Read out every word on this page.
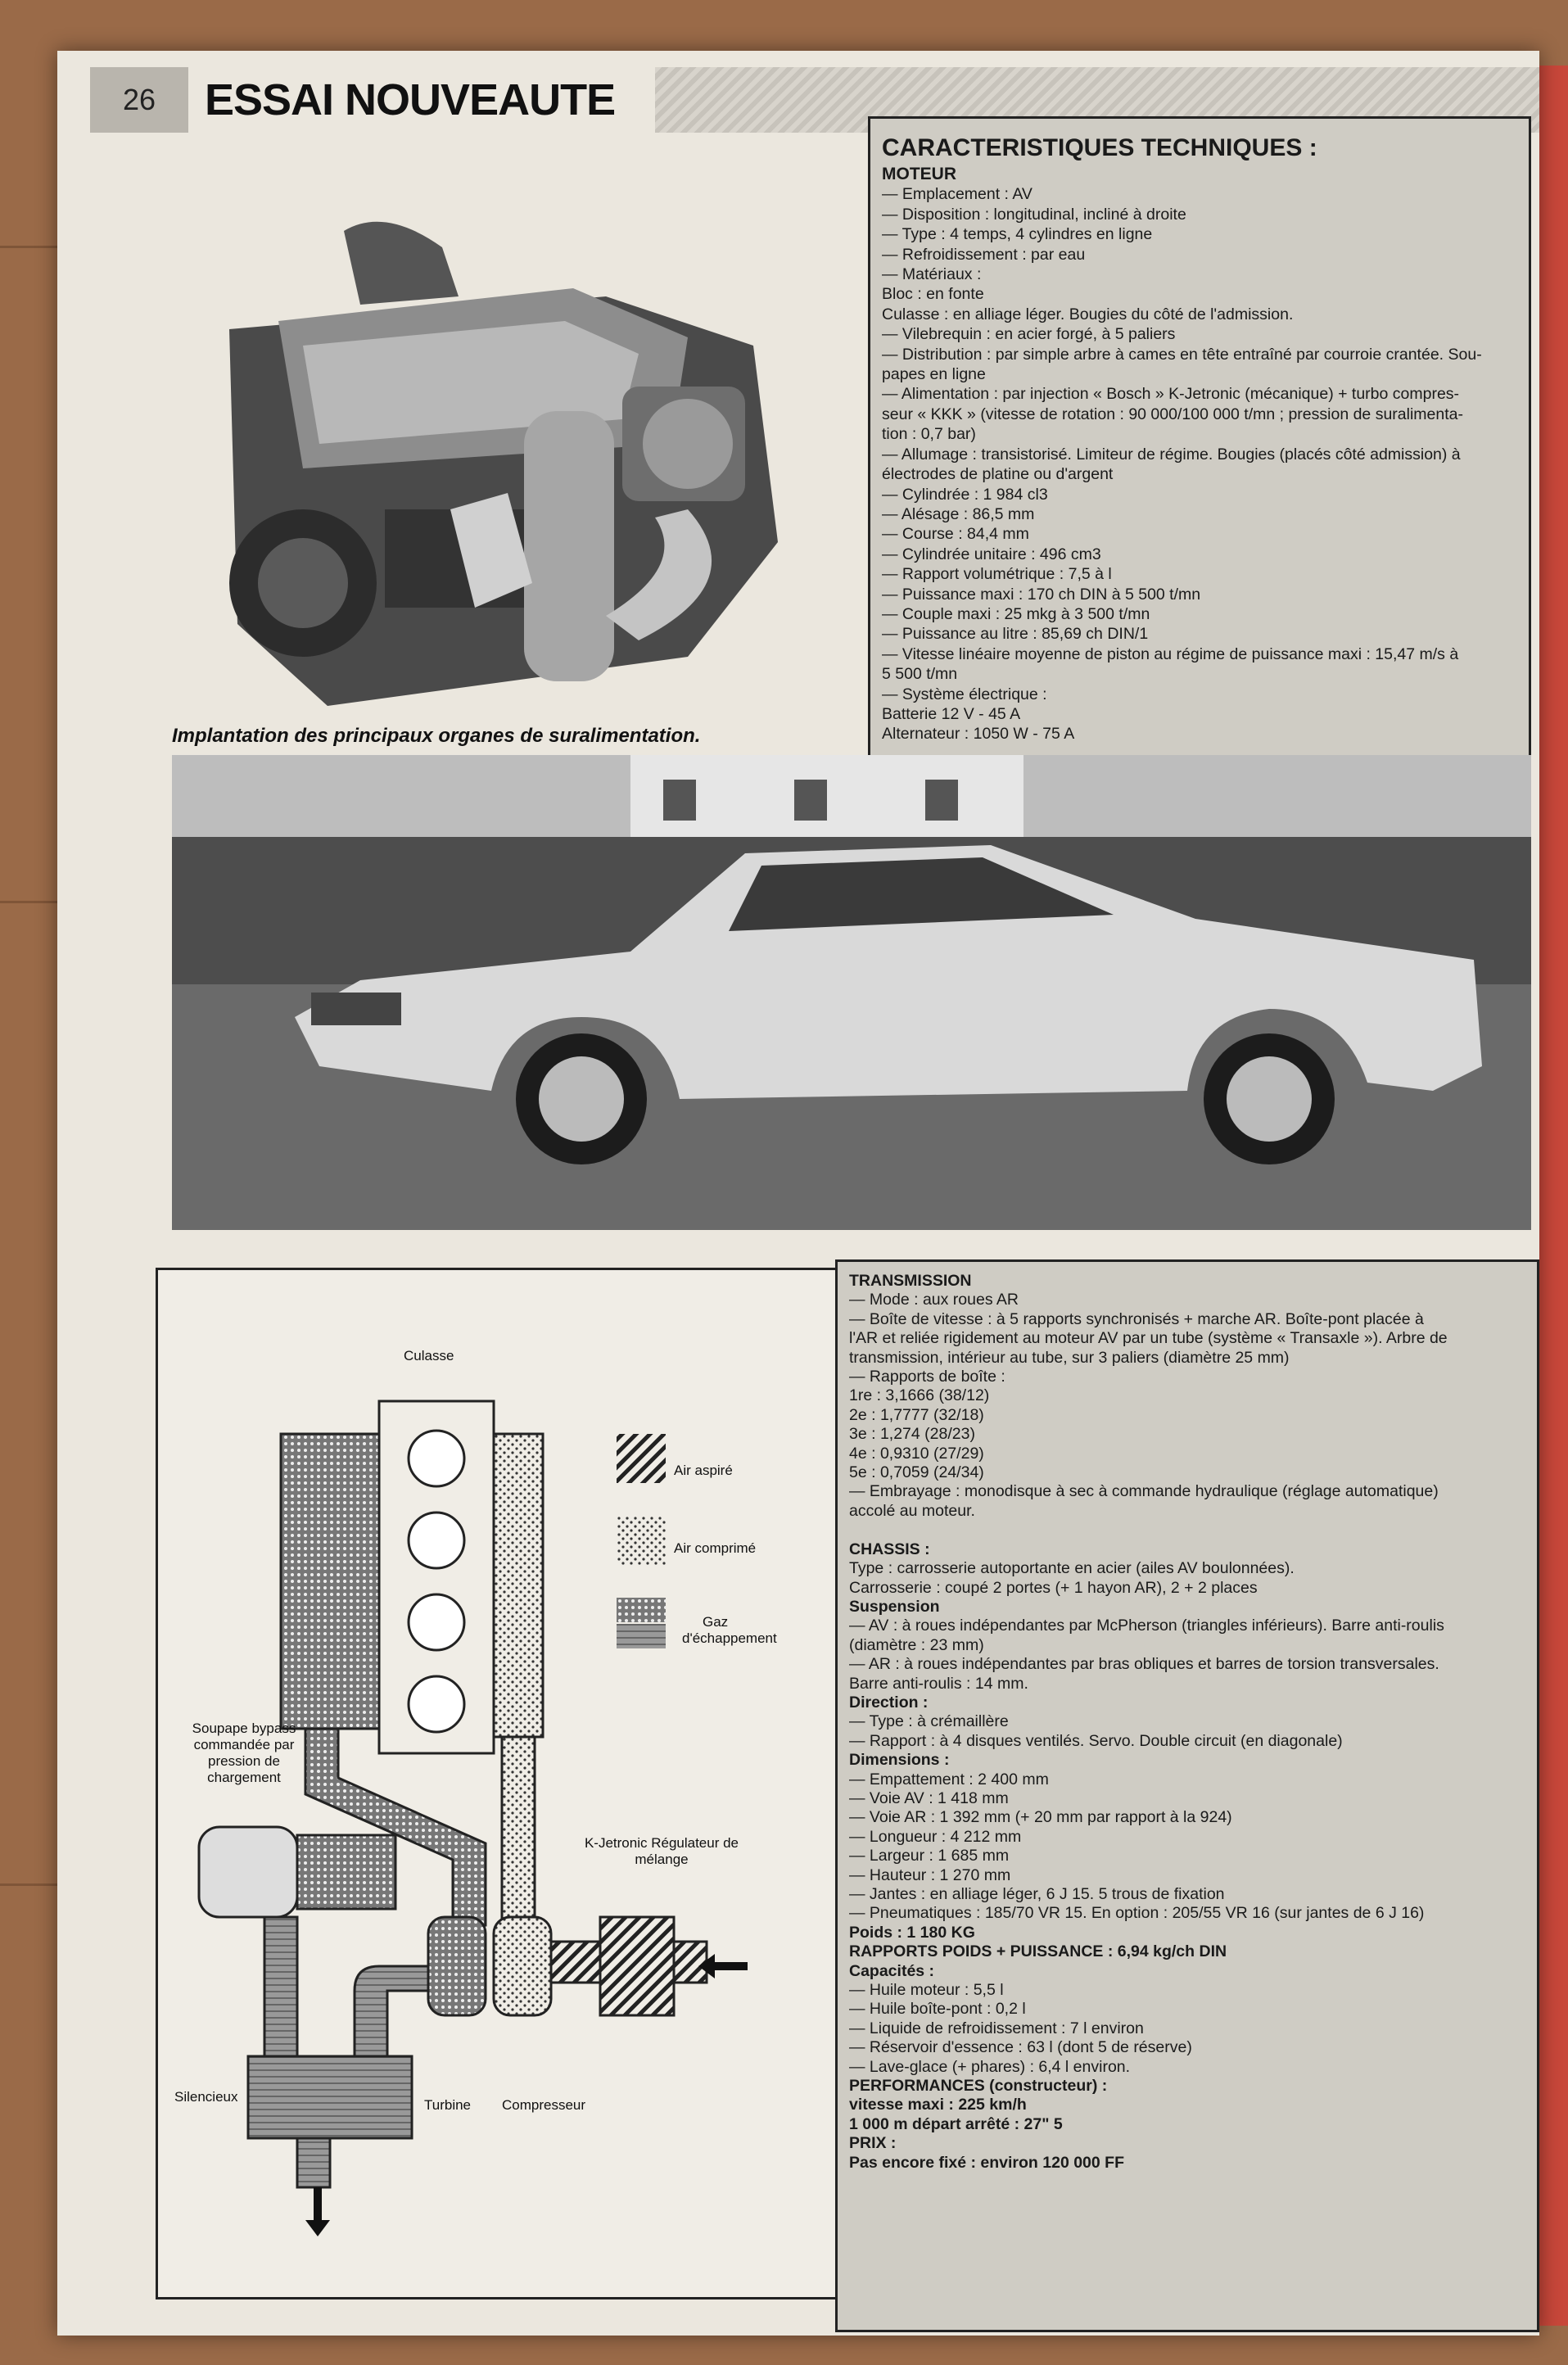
26	ESSAI NOUVEAUTE
CARACTERISTIQUES TECHNIQUES :
MOTEUR
— Emplacement : AV
— Disposition : longitudinal, incliné à droite
— Type : 4 temps, 4 cylindres en ligne
— Refroidissement : par eau
— Matériaux :
Bloc : en fonte
Culasse : en alliage léger. Bougies du côté de l'admission.
— Vilebrequin : en acier forgé, à 5 paliers
— Distribution : par simple arbre à cames en tête entraîné par courroie crantée. Sou-
papes en ligne
— Alimentation : par injection « Bosch » K-Jetronic (mécanique) + turbo compres-
seur « KKK » (vitesse de rotation : 90 000/100 000 t/mn ; pression de suralimenta-
tion : 0,7 bar)
— Allumage : transistorisé. Limiteur de régime. Bougies (placés côté admission) à
électrodes de platine ou d'argent
— Cylindrée : 1 984 cl3
— Alésage : 86,5 mm
— Course : 84,4 mm
— Cylindrée unitaire : 496 cm3
— Rapport volumétrique : 7,5 à l
— Puissance maxi : 170 ch DIN à 5 500 t/mn
— Couple maxi : 25 mkg à 3 500 t/mn
— Puissance au litre : 85,69 ch DIN/1
— Vitesse linéaire moyenne de piston au régime de puissance maxi : 15,47 m/s à
5 500 t/mn
— Système électrique :
Batterie 12 V - 45 A
Alternateur : 1050 W - 75 A
Implantation des principaux organes de suralimentation.
Culasse
Air aspiré
Air comprimé
Gaz
d'échappement
Soupape bypass
commandée par
pression de
chargement
K-Jetronic Régulateur de
mélange
Silencieux
Turbine Compresseur
TRANSMISSION
— Mode : aux roues AR
— Boîte de vitesse : à 5 rapports synchronisés + marche AR. Boîte-pont placée à
l'AR et reliée rigidement au moteur AV par un tube (système « Transaxle »). Arbre de
transmission, intérieur au tube, sur 3 paliers (diamètre 25 mm)
— Rapports de boîte :
1re : 3,1666 (38/12)
2e : 1,7777 (32/18)
3e : 1,274 (28/23)
4e : 0,9310 (27/29)
5e : 0,7059 (24/34)
— Embrayage : monodisque à sec à commande hydraulique (réglage automatique)
accolé au moteur.

CHASSIS :
Type : carrosserie autoportante en acier (ailes AV boulonnées).
Carrosserie : coupé 2 portes (+ 1 hayon AR), 2 + 2 places
Suspension
— AV : à roues indépendantes par McPherson (triangles inférieurs). Barre anti-roulis
(diamètre : 23 mm)
— AR : à roues indépendantes par bras obliques et barres de torsion transversales.
Barre anti-roulis : 14 mm.
Direction :
— Type : à crémaillère
— Rapport : à 4 disques ventilés. Servo. Double circuit (en diagonale)
Dimensions :
— Empattement : 2 400 mm
— Voie AV : 1 418 mm
— Voie AR : 1 392 mm (+ 20 mm par rapport à la 924)
— Longueur : 4 212 mm
— Largeur : 1 685 mm
— Hauteur : 1 270 mm
— Jantes : en alliage léger, 6 J 15. 5 trous de fixation
— Pneumatiques : 185/70 VR 15. En option : 205/55 VR 16 (sur jantes de 6 J 16)
Poids : 1 180 KG
RAPPORTS POIDS + PUISSANCE : 6,94 kg/ch DIN
Capacités :
— Huile moteur : 5,5 l
— Huile boîte-pont : 0,2 l
— Liquide de refroidissement : 7 l environ
— Réservoir d'essence : 63 l (dont 5 de réserve)
— Lave-glace (+ phares) : 6,4 l environ.
PERFORMANCES (constructeur) :
vitesse maxi : 225 km/h
1 000 m départ arrêté : 27" 5
PRIX :
Pas encore fixé : environ 120 000 FF
